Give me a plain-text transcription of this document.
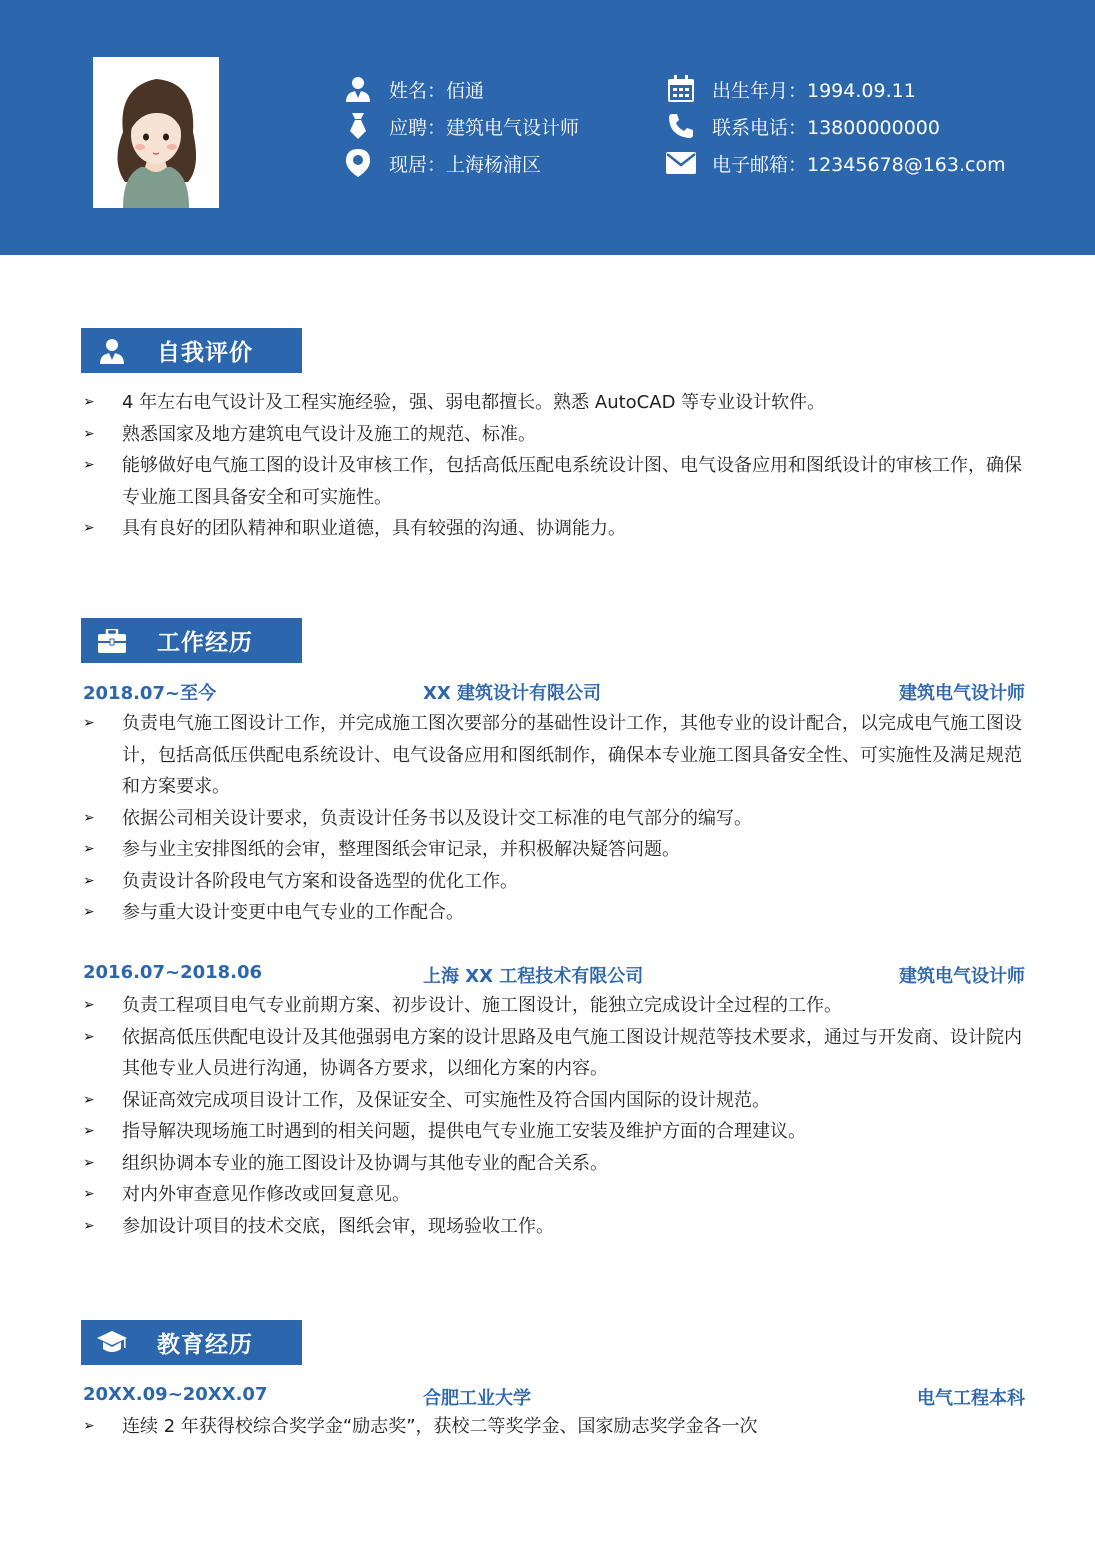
姓名：佰通
应聘：建筑电气设计师
现居：上海杨浦区
出生年月：1994.09.11
联系电话：13800000000
电子邮箱：12345678@163.com
自我评价
➢	4 年左右电气设计及工程实施经验，强、弱电都擅长。熟悉 AutoCAD 等专业设计软件。
➢	熟悉国家及地方建筑电气设计及施工的规范、标准。
➢	能够做好电气施工图的设计及审核工作，包括高低压配电系统设计图、电气设备应用和图纸设计的审核工作，确保专业施工图具备安全和可实施性。
➢	具有良好的团队精神和职业道德，具有较强的沟通、协调能力。
工作经历
2018.07~至今	XX 建筑设计有限公司	建筑电气设计师
➢	负责电气施工图设计工作，并完成施工图次要部分的基础性设计工作，其他专业的设计配合，以完成电气施工图设计，包括高低压供配电系统设计、电气设备应用和图纸制作，确保本专业施工图具备安全性、可实施性及满足规范和方案要求。
➢	依据公司相关设计要求，负责设计任务书以及设计交工标准的电气部分的编写。
➢	参与业主安排图纸的会审，整理图纸会审记录，并积极解决疑答问题。
➢	负责设计各阶段电气方案和设备选型的优化工作。
➢	参与重大设计变更中电气专业的工作配合。
2016.07~2018.06	上海 XX 工程技术有限公司	建筑电气设计师
➢	负责工程项目电气专业前期方案、初步设计、施工图设计，能独立完成设计全过程的工作。
➢	依据高低压供配电设计及其他强弱电方案的设计思路及电气施工图设计规范等技术要求，通过与开发商、设计院内其他专业人员进行沟通，协调各方要求，以细化方案的内容。
➢	保证高效完成项目设计工作，及保证安全、可实施性及符合国内国际的设计规范。
➢	指导解决现场施工时遇到的相关问题，提供电气专业施工安装及维护方面的合理建议。
➢	组织协调本专业的施工图设计及协调与其他专业的配合关系。
➢	对内外审查意见作修改或回复意见。
➢	参加设计项目的技术交底，图纸会审，现场验收工作。
教育经历
20XX.09~20XX.07	合肥工业大学	电气工程本科
➢	连续 2 年获得校综合奖学金“励志奖”，获校二等奖学金、国家励志奖学金各一次
